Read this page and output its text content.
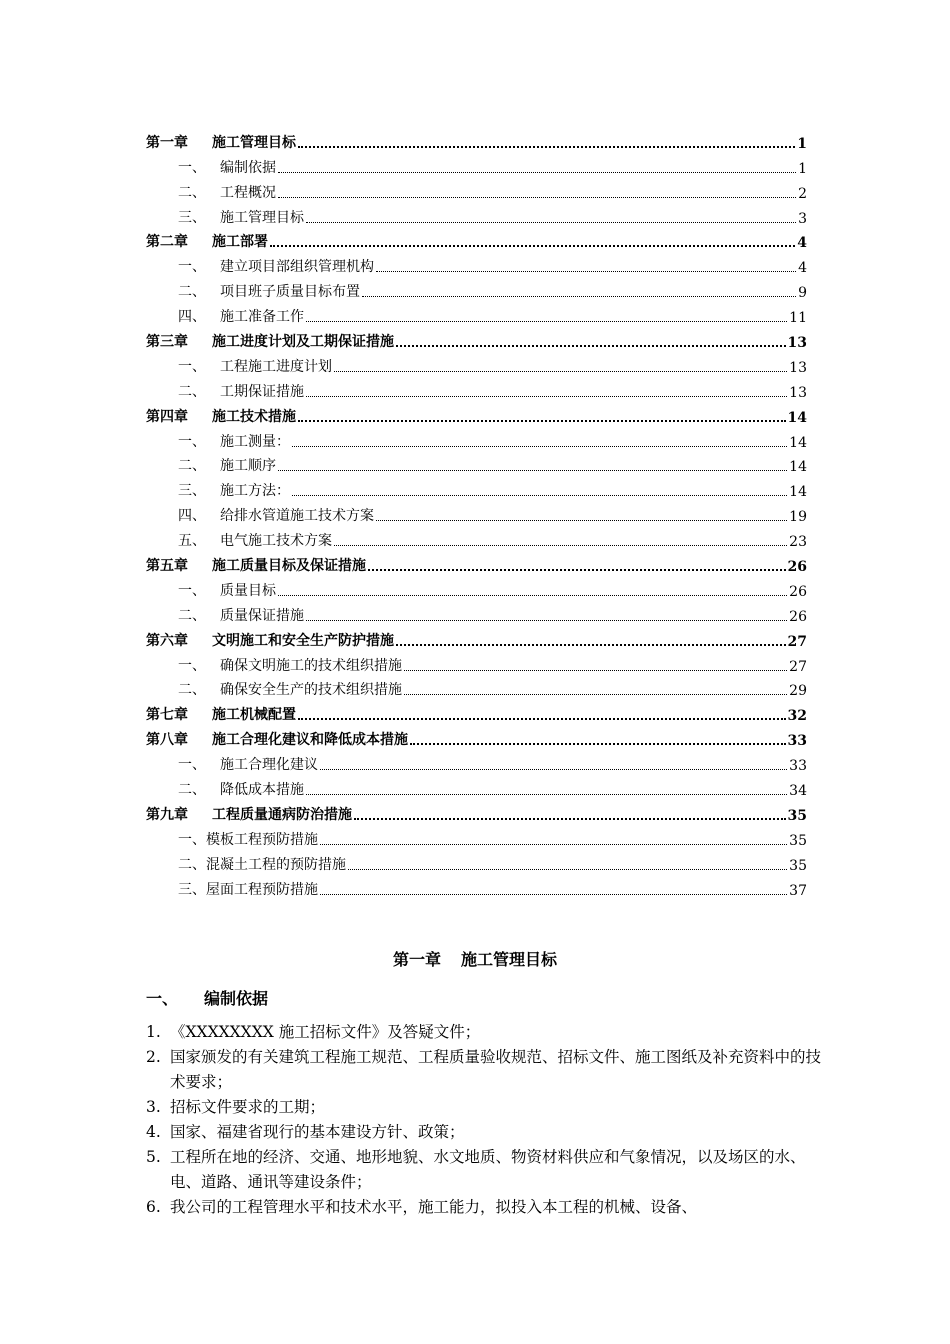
第一章	施工管理目标	1
一、	编制依据	1
二、	工程概况	2
三、	施工管理目标	3
第二章	施工部署	4
一、	建立项目部组织管理机构	4
二、	项目班子质量目标布置	9
四、	施工准备工作	11
第三章	施工进度计划及工期保证措施	13
一、	工程施工进度计划	13
二、	工期保证措施	13
第四章	施工技术措施	14
一、	施工测量：	14
二、	施工顺序	14
三、	施工方法：	14
四、	给排水管道施工技术方案	19
五、	电气施工技术方案	23
第五章	施工质量目标及保证措施	26
一、	质量目标	26
二、	质量保证措施	26
第六章	文明施工和安全生产防护措施	27
一、	确保文明施工的技术组织措施	27
二、	确保安全生产的技术组织措施	29
第七章	施工机械配置	32
第八章	施工合理化建议和降低成本措施	33
一、	施工合理化建议	33
二、	降低成本措施	34
第九章	工程质量通病防治措施	35
一、 模板工程预防措施	35
二、 混凝土工程的预防措施	35
三、 屋面工程预防措施	37
第一章 施工管理目标
一、 编制依据
1. 《XXXXXXXX 施工招标文件》及答疑文件；
2. 国家颁发的有关建筑工程施工规范、工程质量验收规范、招标文件、施工图纸及补充资料中的技术要求；
3. 招标文件要求的工期；
4. 国家、福建省现行的基本建设方针、政策；
5. 工程所在地的经济、交通、地形地貌、水文地质、物资材料供应和气象情况，以及场区的水、电、道路、通讯等建设条件；
6. 我公司的工程管理水平和技术水平，施工能力，拟投入本工程的机械、设备、
